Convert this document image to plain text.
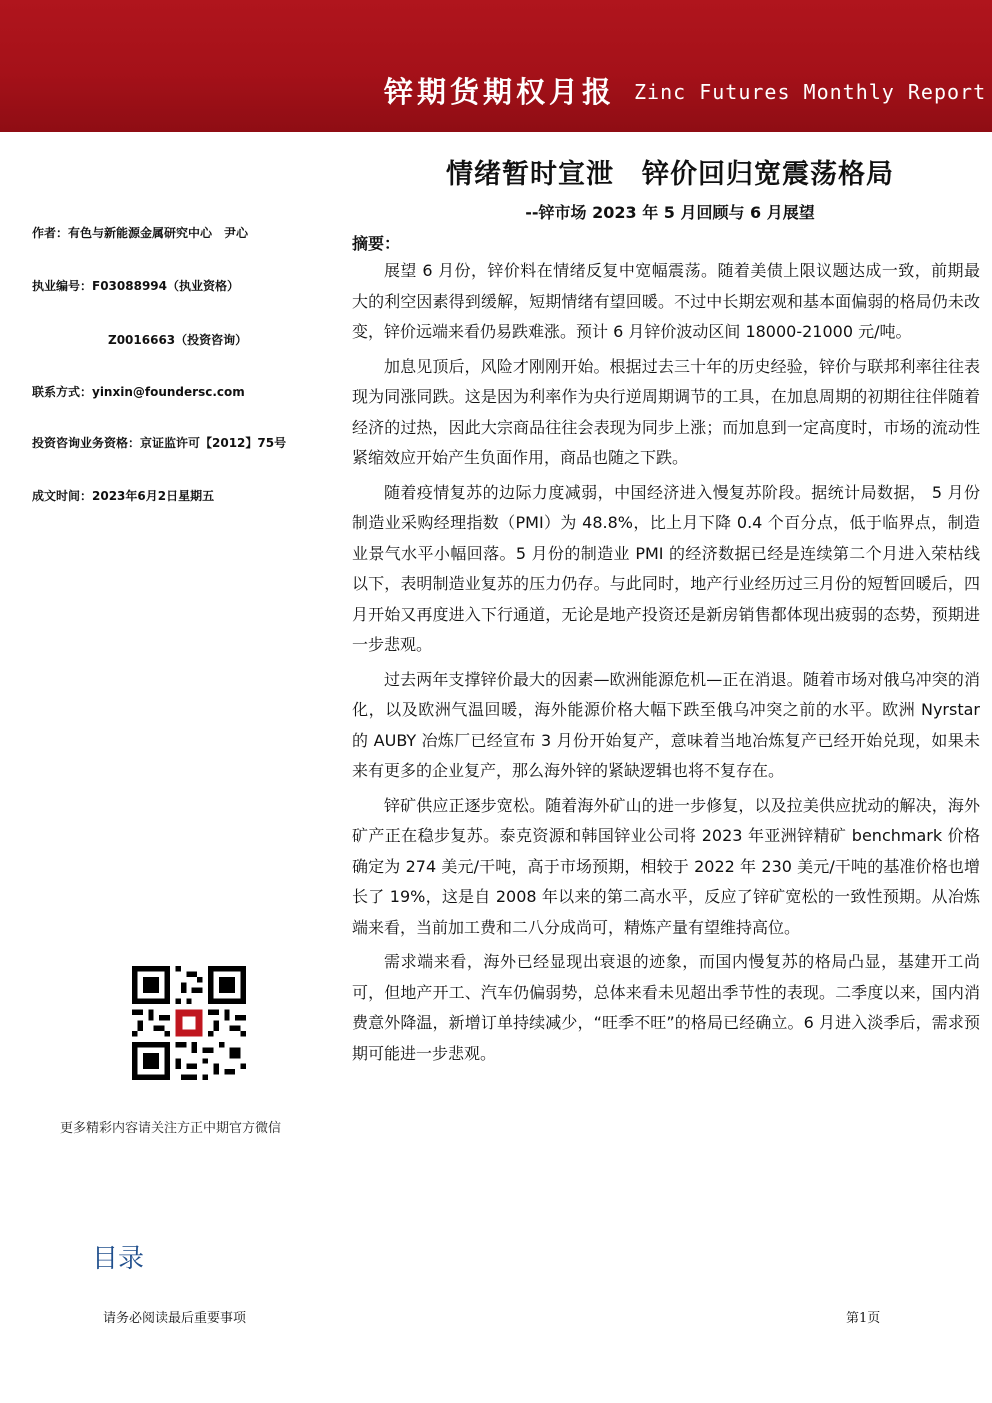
锌期货期权月报 Zinc Futures Monthly Report
情绪暂时宣泄　锌价回归宽震荡格局
--锌市场 2023 年 5 月回顾与 6 月展望
作者：有色与新能源金属研究中心　尹心
执业编号：F03088994（执业资格）
Z0016663（投资咨询）
联系方式：yinxin@foundersc.com
投资咨询业务资格：京证监许可【2012】75号
成文时间：2023年6月2日星期五
更多精彩内容请关注方正中期官方微信
目录
摘要：

展望 6 月份，锌价料在情绪反复中宽幅震荡。随着美债上限议题达成一致，前期最大的利空因素得到缓解，短期情绪有望回暖。不过中长期宏观和基本面偏弱的格局仍未改变，锌价远端来看仍易跌难涨。预计 6 月锌价波动区间 18000-21000 元/吨。

加息见顶后，风险才刚刚开始。根据过去三十年的历史经验，锌价与联邦利率往往表现为同涨同跌。这是因为利率作为央行逆周期调节的工具，在加息周期的初期往往伴随着经济的过热，因此大宗商品往往会表现为同步上涨；而加息到一定高度时，市场的流动性紧缩效应开始产生负面作用，商品也随之下跌。

随着疫情复苏的边际力度减弱，中国经济进入慢复苏阶段。据统计局数据， 5 月份制造业采购经理指数（PMI）为 48.8%，比上月下降 0.4 个百分点，低于临界点，制造业景气水平小幅回落。5 月份的制造业 PMI 的经济数据已经是连续第二个月进入荣枯线以下，表明制造业复苏的压力仍存。与此同时，地产行业经历过三月份的短暂回暖后，四月开始又再度进入下行通道，无论是地产投资还是新房销售都体现出疲弱的态势，预期进一步悲观。

过去两年支撑锌价最大的因素—欧洲能源危机—正在消退。随着市场对俄乌冲突的消化，以及欧洲气温回暖，海外能源价格大幅下跌至俄乌冲突之前的水平。欧洲 Nyrstar 的 AUBY 冶炼厂已经宣布 3 月份开始复产，意味着当地冶炼复产已经开始兑现，如果未来有更多的企业复产，那么海外锌的紧缺逻辑也将不复存在。

锌矿供应正逐步宽松。随着海外矿山的进一步修复，以及拉美供应扰动的解决，海外矿产正在稳步复苏。泰克资源和韩国锌业公司将 2023 年亚洲锌精矿 benchmark 价格确定为 274 美元/干吨，高于市场预期，相较于 2022 年 230 美元/干吨的基准价格也增长了 19%，这是自 2008 年以来的第二高水平，反应了锌矿宽松的一致性预期。从冶炼端来看，当前加工费和二八分成尚可，精炼产量有望维持高位。

需求端来看，海外已经显现出衰退的迹象，而国内慢复苏的格局凸显，基建开工尚可，但地产开工、汽车仍偏弱势，总体来看未见超出季节性的表现。二季度以来，国内消费意外降温，新增订单持续减少，“旺季不旺”的格局已经确立。6 月进入淡季后，需求预期可能进一步悲观。

请务必阅读最后重要事项	第1页
